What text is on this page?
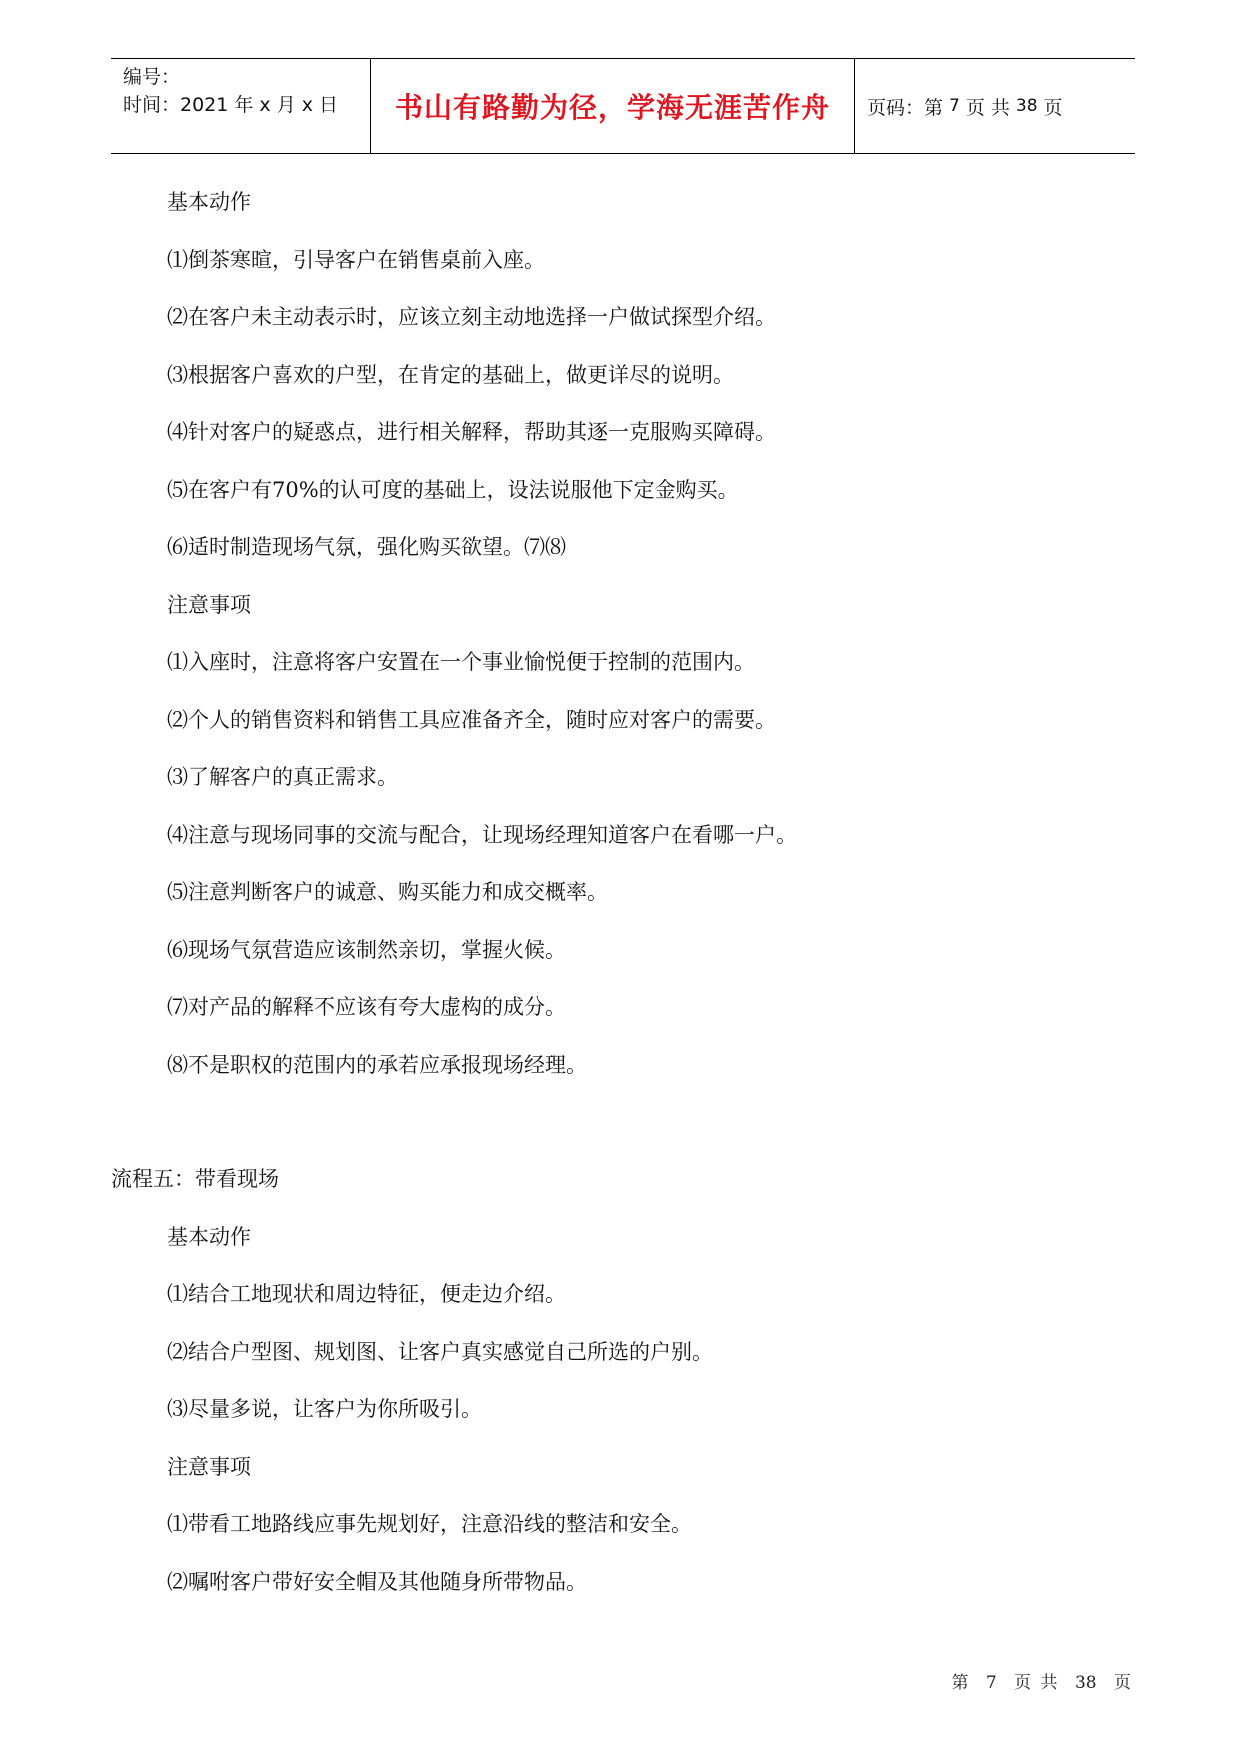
编号：
时间：2021 年 x 月 x 日	书山有路勤为径，学海无涯苦作舟	页码：第 7 页 共 38 页
基本动作
⑴倒茶寒暄，引导客户在销售桌前入座。
⑵在客户未主动表示时，应该立刻主动地选择一户做试探型介绍。
⑶根据客户喜欢的户型，在肯定的基础上，做更详尽的说明。
⑷针对客户的疑惑点，进行相关解释，帮助其逐一克服购买障碍。
⑸在客户有70%的认可度的基础上，设法说服他下定金购买。
⑹适时制造现场气氛，强化购买欲望。⑺⑻
注意事项
⑴入座时，注意将客户安置在一个事业愉悦便于控制的范围内。
⑵个人的销售资料和销售工具应准备齐全，随时应对客户的需要。
⑶了解客户的真正需求。
⑷注意与现场同事的交流与配合，让现场经理知道客户在看哪一户。
⑸注意判断客户的诚意、购买能力和成交概率。
⑹现场气氛营造应该制然亲切，掌握火候。
⑺对产品的解释不应该有夸大虚构的成分。
⑻不是职权的范围内的承若应承报现场经理。
流程五：带看现场
基本动作
⑴结合工地现状和周边特征，便走边介绍。
⑵结合户型图、规划图、让客户真实感觉自己所选的户别。
⑶尽量多说，让客户为你所吸引。
注意事项
⑴带看工地路线应事先规划好，注意沿线的整洁和安全。
⑵嘱咐客户带好安全帽及其他随身所带物品。
第 7 页 共 38 页
